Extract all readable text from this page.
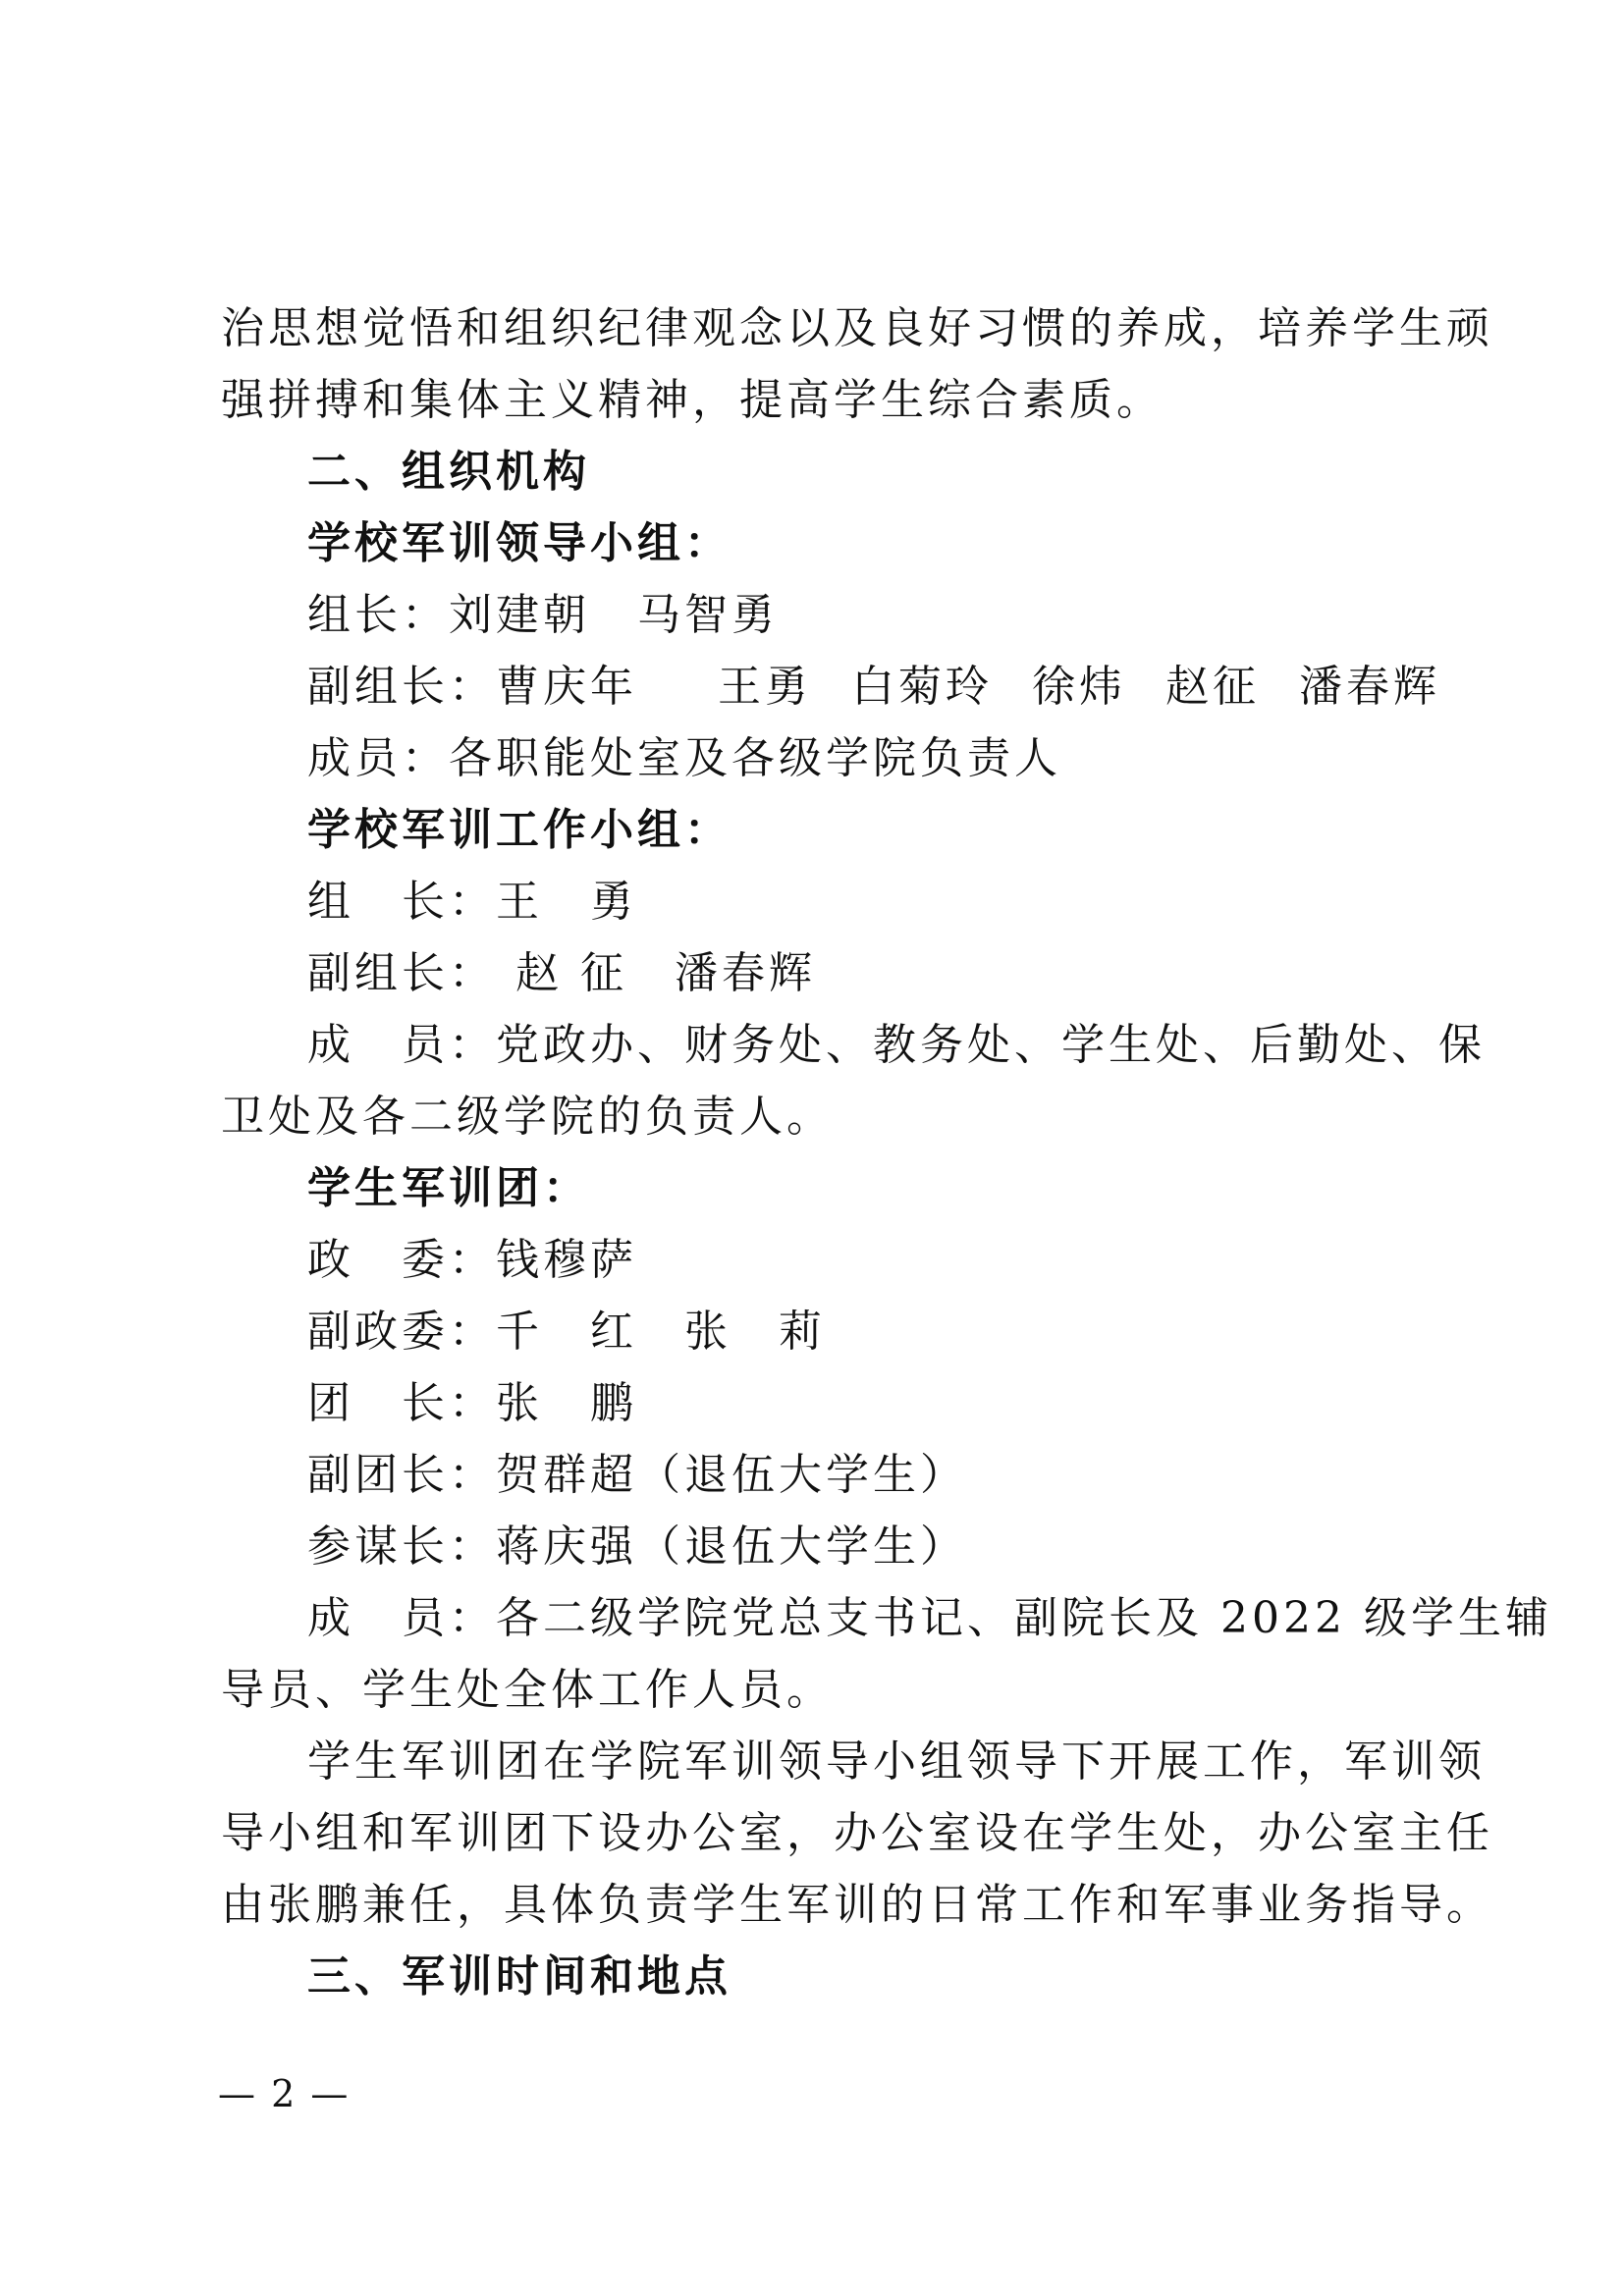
治思想觉悟和组织纪律观念以及良好习惯的养成，培养学生顽
强拼搏和集体主义精神，提高学生综合素质。
二、组织机构
学校军训领导小组：
组长：刘建朝 马智勇
副组长：曹庆年 王勇 白菊玲 徐炜 赵征 潘春辉
成员：各职能处室及各级学院负责人
学校军训工作小组：
组　长：王　勇
副组长： 赵 征 潘春辉
成　员：党政办、财务处、教务处、学生处、后勤处、保
卫处及各二级学院的负责人。
学生军训团：
政　委：钱穆萨
副政委：千　红 张　莉
团　长：张　鹏
副团长：贺群超（退伍大学生）
参谋长：蒋庆强（退伍大学生）
成　员：各二级学院党总支书记、副院长及 2022 级学生辅
导员、学生处全体工作人员。
学生军训团在学院军训领导小组领导下开展工作，军训领
导小组和军训团下设办公室，办公室设在学生处，办公室主任
由张鹏兼任，具体负责学生军训的日常工作和军事业务指导。
三、军训时间和地点
— 2 —
